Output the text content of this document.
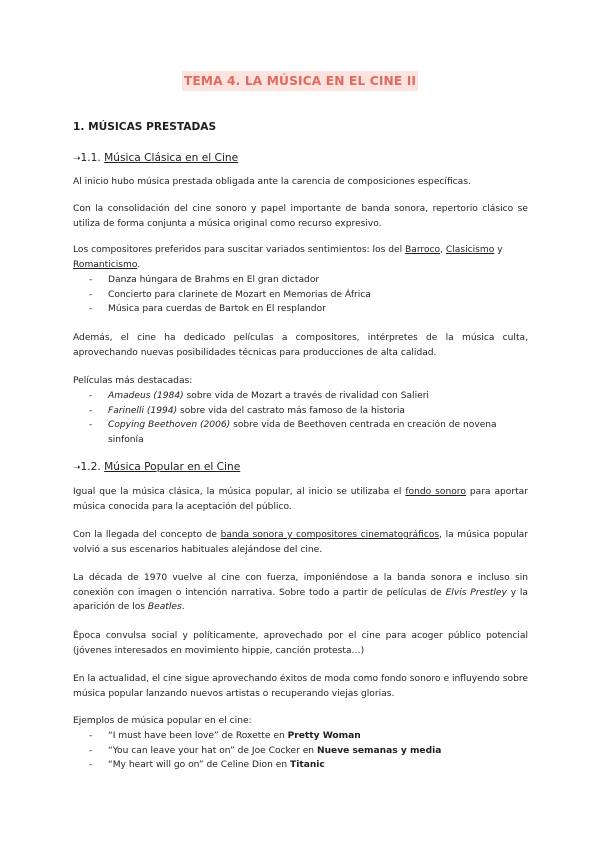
TEMA 4. LA MÚSICA EN EL CINE II
1. MÚSICAS PRESTADAS
➝1.1. Música Clásica en el Cine
Al inicio hubo música prestada obligada ante la carencia de composiciones específicas.
Con la consolidación del cine sonoro y papel importante de banda sonora, repertorio clásico se utiliza de forma conjunta a música original como recurso expresivo.
Los compositores preferidos para suscitar variados sentimientos: los del Barroco, Clasicismo y Romanticismo.
- Danza húngara de Brahms en El gran dictador
- Concierto para clarinete de Mozart en Memorias de África
- Música para cuerdas de Bartok en El resplandor
Además, el cine ha dedicado películas a compositores, intérpretes de la música culta, aprovechando nuevas posibilidades técnicas para producciones de alta calidad.
Películas más destacadas:
- Amadeus (1984) sobre vida de Mozart a través de rivalidad con Salieri
- Farinelli (1994) sobre vida del castrato más famoso de la historia
- Copying Beethoven (2006) sobre vida de Beethoven centrada en creación de novena sinfonía
➝1.2. Música Popular en el Cine
Igual que la música clásica, la música popular, al inicio se utilizaba el fondo sonoro para aportar música conocida para la aceptación del público.
Con la llegada del concepto de banda sonora y compositores cinematográficos, la música popular volvió a sus escenarios habituales alejándose del cine.
La década de 1970 vuelve al cine con fuerza, imponiéndose a la banda sonora e incluso sin conexión con imagen o intención narrativa. Sobre todo a partir de películas de Elvis Prestley y la aparición de los Beatles.
Época convulsa social y políticamente, aprovechado por el cine para acoger público potencial (jóvenes interesados en movimiento hippie, canción protesta…)
En la actualidad, el cine sigue aprovechando éxitos de moda como fondo sonoro e influyendo sobre música popular lanzando nuevos artistas o recuperando viejas glorias.
Ejemplos de música popular en el cine:
- “I must have been love” de Roxette en Pretty Woman
- “You can leave your hat on” de Joe Cocker en Nueve semanas y media
- “My heart will go on” de Celine Dion en Titanic
